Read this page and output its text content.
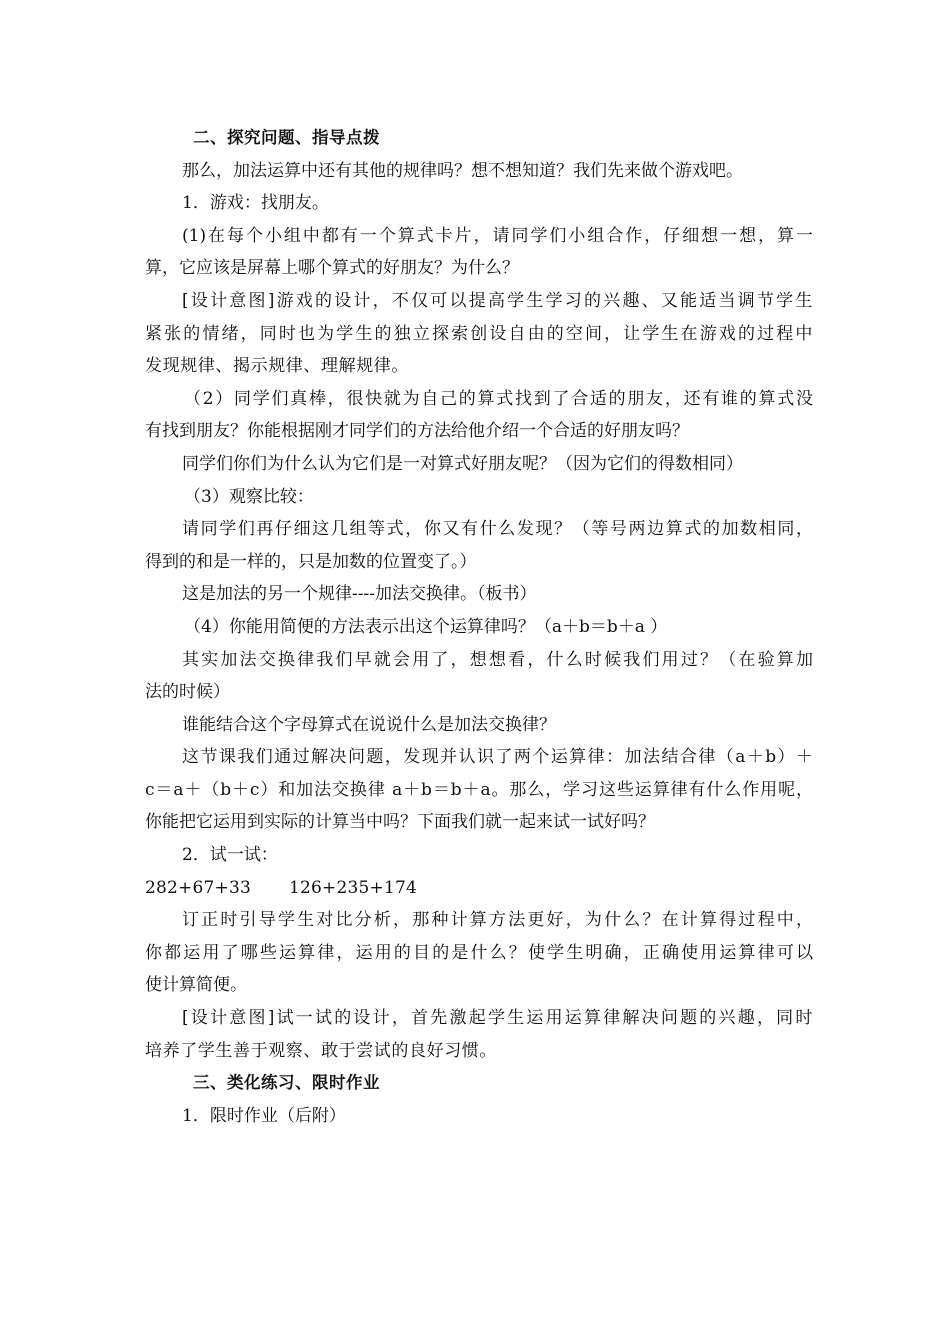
二、探究问题、指导点拨

那么，加法运算中还有其他的规律吗？想不想知道？我们先来做个游戏吧。

1．游戏：找朋友。

(1)在每个小组中都有一个算式卡片，请同学们小组合作，仔细想一想，算一

算，它应该是屏幕上哪个算式的好朋友？为什么？

[设计意图]游戏的设计，不仅可以提高学生学习的兴趣、又能适当调节学生

紧张的情绪，同时也为学生的独立探索创设自由的空间，让学生在游戏的过程中

发现规律、揭示规律、理解规律。

（2）同学们真棒，很快就为自己的算式找到了合适的朋友，还有谁的算式没

有找到朋友？你能根据刚才同学们的方法给他介绍一个合适的好朋友吗？

同学们你们为什么认为它们是一对算式好朋友呢？（因为它们的得数相同）

（3）观察比较：

请同学们再仔细这几组等式，你又有什么发现？（等号两边算式的加数相同，

得到的和是一样的，只是加数的位置变了。）

这是加法的另一个规律----加法交换律。（板书）

（4）你能用简便的方法表示出这个运算律吗？（a＋b＝b＋a ）

其实加法交换律我们早就会用了，想想看，什么时候我们用过？（在验算加

法的时候）

谁能结合这个字母算式在说说什么是加法交换律？

这节课我们通过解决问题，发现并认识了两个运算律：加法结合律（a＋b）＋

c＝a＋（b＋c）和加法交换律 a＋b＝b＋a。那么，学习这些运算律有什么作用呢，

你能把它运用到实际的计算当中吗？下面我们就一起来试一试好吗？

2．试一试：

282+67+33 126+235+174

订正时引导学生对比分析，那种计算方法更好，为什么？在计算得过程中，

你都运用了哪些运算律，运用的目的是什么？使学生明确，正确使用运算律可以

使计算简便。

[设计意图]试一试的设计，首先激起学生运用运算律解决问题的兴趣，同时

培养了学生善于观察、敢于尝试的良好习惯。

三、类化练习、限时作业

1．限时作业（后附）
